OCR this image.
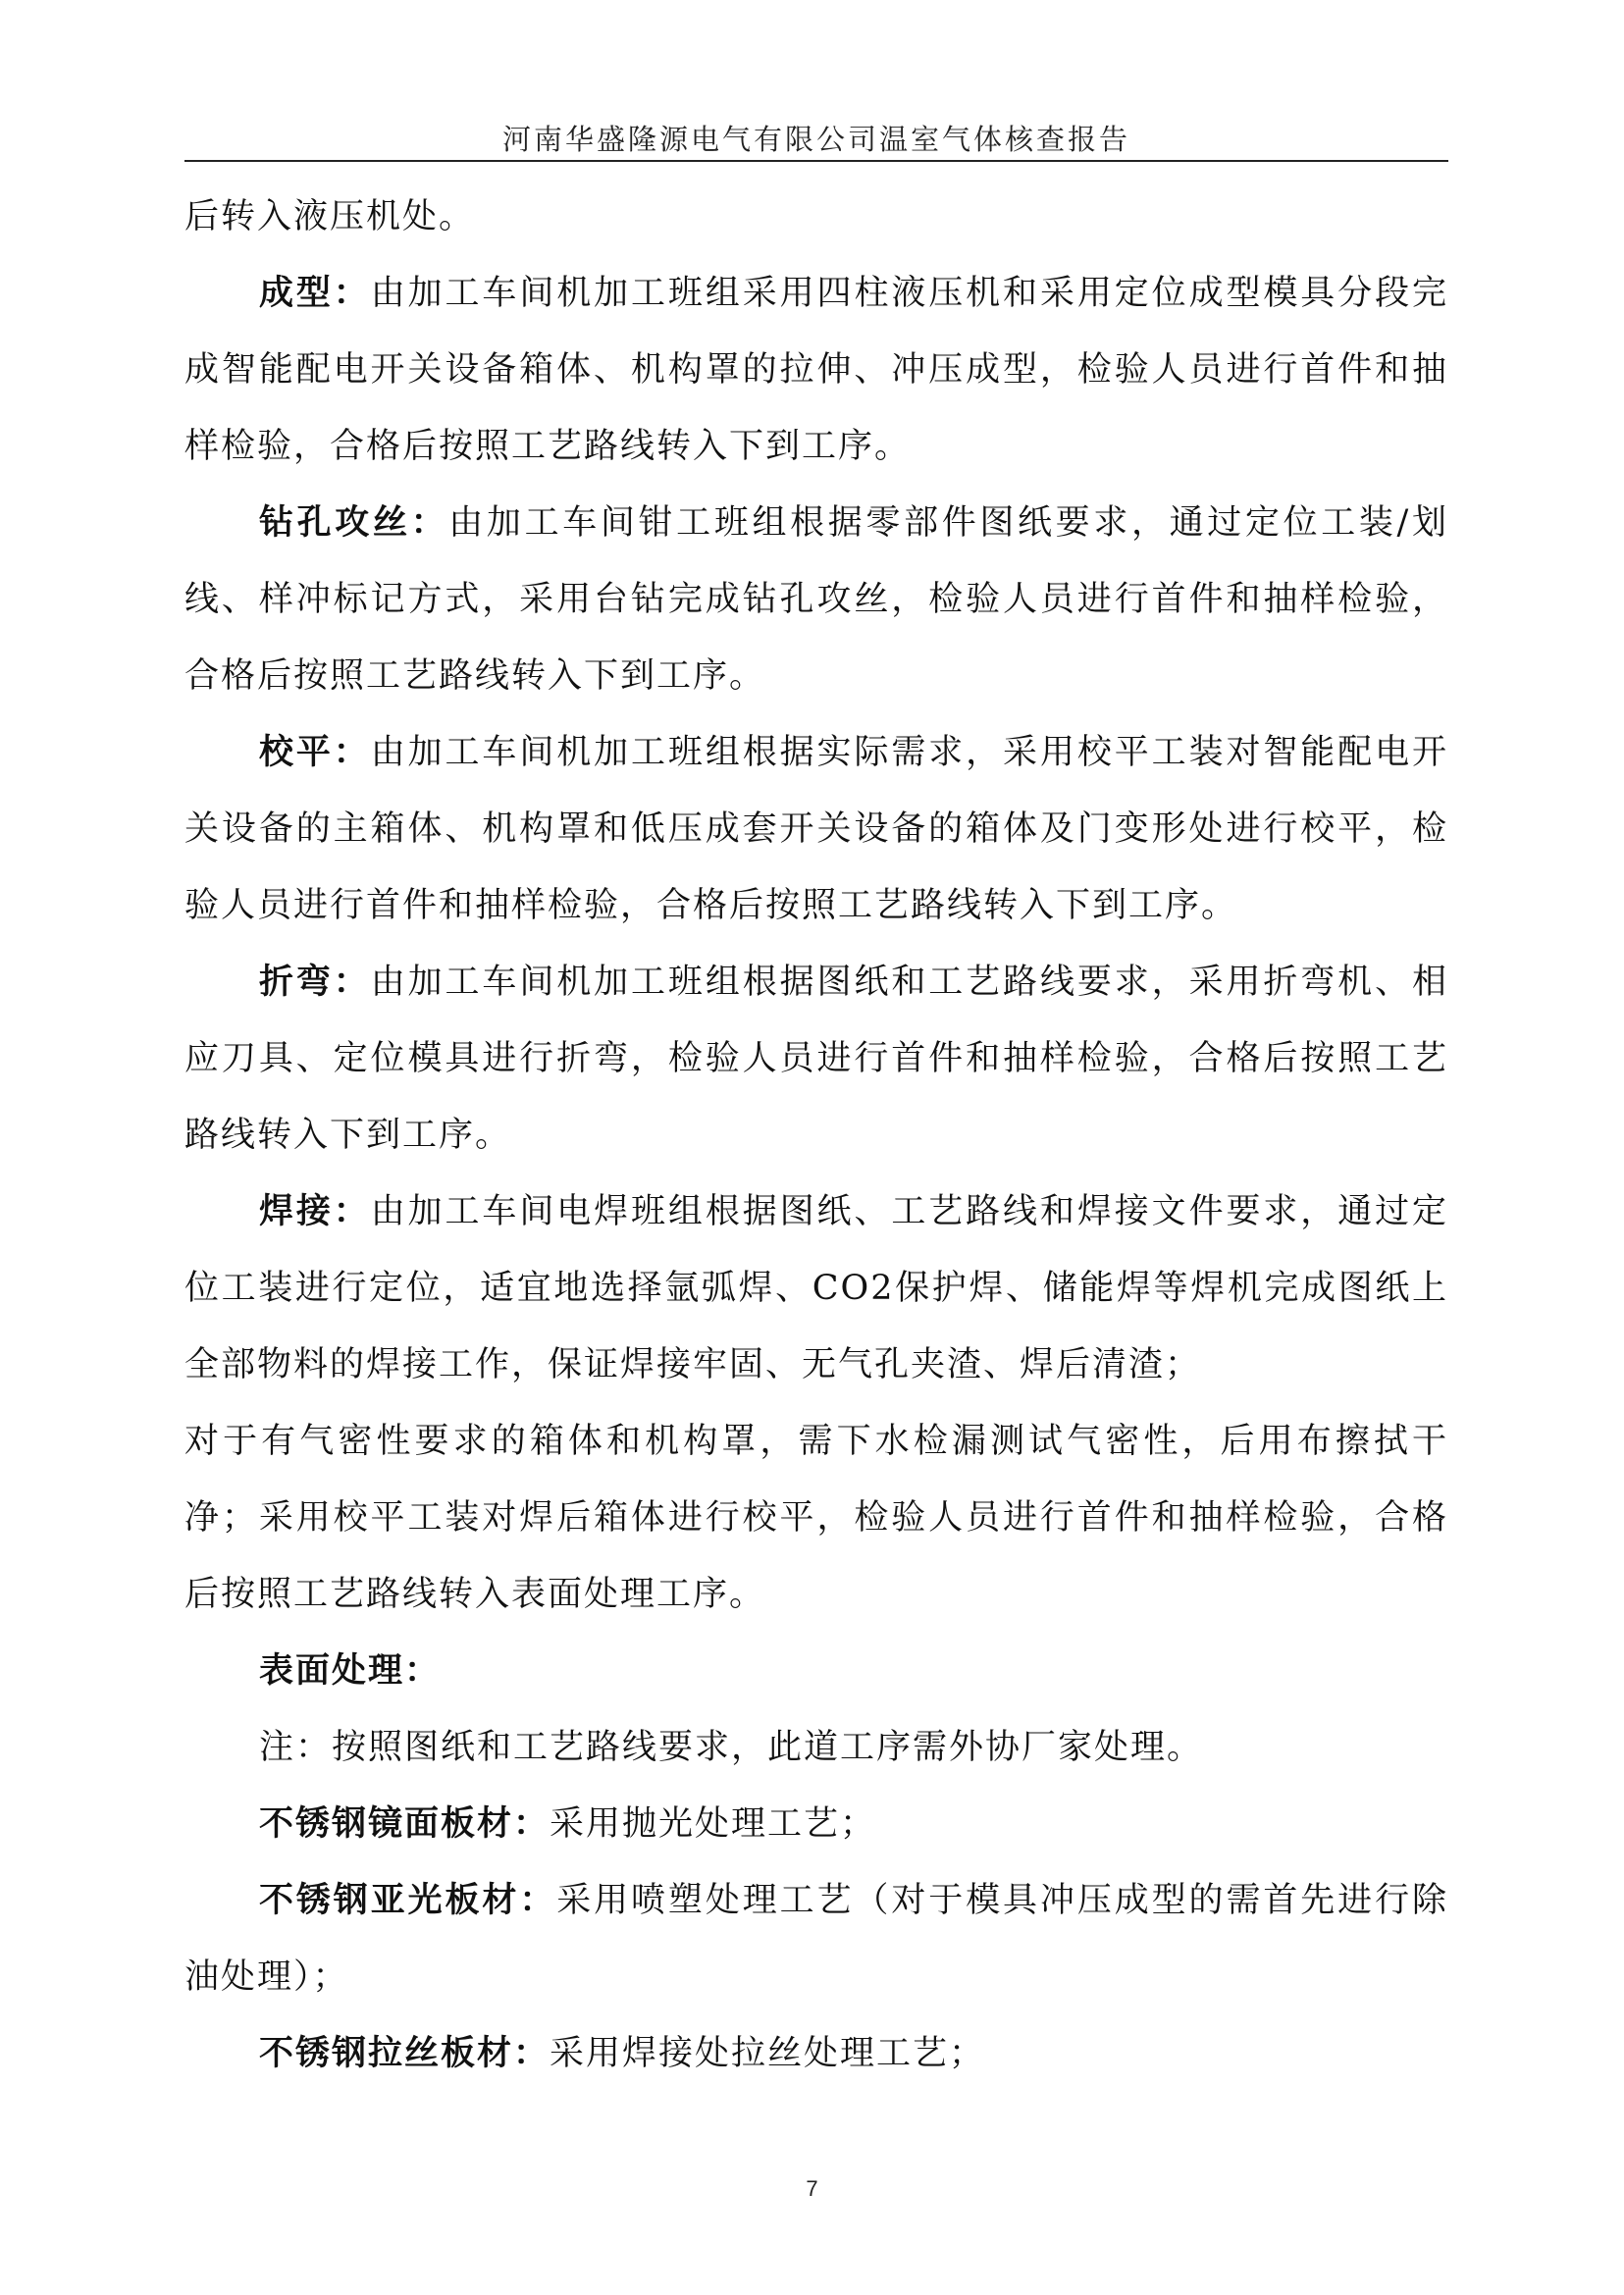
河南华盛隆源电气有限公司温室气体核查报告

后转入液压机处。

成型：由加工车间机加工班组采用四柱液压机和采用定位成型模具分段完成智能配电开关设备箱体、机构罩的拉伸、冲压成型，检验人员进行首件和抽样检验，合格后按照工艺路线转入下到工序。

钻孔攻丝：由加工车间钳工班组根据零部件图纸要求，通过定位工装/划线、样冲标记方式，采用台钻完成钻孔攻丝，检验人员进行首件和抽样检验，合格后按照工艺路线转入下到工序。

校平：由加工车间机加工班组根据实际需求，采用校平工装对智能配电开关设备的主箱体、机构罩和低压成套开关设备的箱体及门变形处进行校平，检验人员进行首件和抽样检验，合格后按照工艺路线转入下到工序。

折弯：由加工车间机加工班组根据图纸和工艺路线要求，采用折弯机、相应刀具、定位模具进行折弯，检验人员进行首件和抽样检验，合格后按照工艺路线转入下到工序。

焊接：由加工车间电焊班组根据图纸、工艺路线和焊接文件要求，通过定位工装进行定位，适宜地选择氩弧焊、CO2保护焊、储能焊等焊机完成图纸上全部物料的焊接工作，保证焊接牢固、无气孔夹渣、焊后清渣；

对于有气密性要求的箱体和机构罩，需下水检漏测试气密性，后用布擦拭干净；采用校平工装对焊后箱体进行校平，检验人员进行首件和抽样检验，合格后按照工艺路线转入表面处理工序。

表面处理：

注：按照图纸和工艺路线要求，此道工序需外协厂家处理。

不锈钢镜面板材：采用抛光处理工艺；

不锈钢亚光板材：采用喷塑处理工艺（对于模具冲压成型的需首先进行除油处理）；

不锈钢拉丝板材：采用焊接处拉丝处理工艺；

7
